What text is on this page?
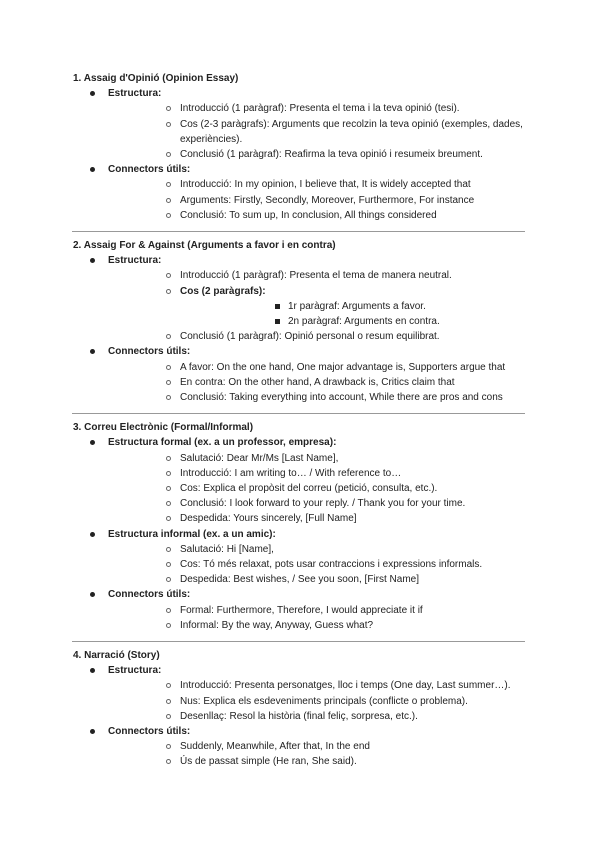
1. Assaig d'Opinió (Opinion Essay)
Estructura:
Introducció (1 paràgraf): Presenta el tema i la teva opinió (tesi).
Cos (2-3 paràgrafs): Arguments que recolzin la teva opinió (exemples, dades, experiències).
Conclusió (1 paràgraf): Reafirma la teva opinió i resumeix breument.
Connectors útils:
Introducció: In my opinion, I believe that, It is widely accepted that
Arguments: Firstly, Secondly, Moreover, Furthermore, For instance
Conclusió: To sum up, In conclusion, All things considered
2. Assaig For & Against (Arguments a favor i en contra)
Estructura:
Introducció (1 paràgraf): Presenta el tema de manera neutral.
Cos (2 paràgrafs):
1r paràgraf: Arguments a favor.
2n paràgraf: Arguments en contra.
Conclusió (1 paràgraf): Opinió personal o resum equilibrat.
Connectors útils:
A favor: On the one hand, One major advantage is, Supporters argue that
En contra: On the other hand, A drawback is, Critics claim that
Conclusió: Taking everything into account, While there are pros and cons
3. Correu Electrònic (Formal/Informal)
Estructura formal (ex. a un professor, empresa):
Salutació: Dear Mr/Ms [Last Name],
Introducció: I am writing to… / With reference to…
Cos: Explica el propòsit del correu (petició, consulta, etc.).
Conclusió: I look forward to your reply. / Thank you for your time.
Despedida: Yours sincerely, [Full Name]
Estructura informal (ex. a un amic):
Salutació: Hi [Name],
Cos: Tó més relaxat, pots usar contraccions i expressions informals.
Despedida: Best wishes, / See you soon, [First Name]
Connectors útils:
Formal: Furthermore, Therefore, I would appreciate it if
Informal: By the way, Anyway, Guess what?
4. Narració (Story)
Estructura:
Introducció: Presenta personatges, lloc i temps (One day, Last summer…).
Nus: Explica els esdeveniments principals (conflicte o problema).
Desenllaç: Resol la història (final feliç, sorpresa, etc.).
Connectors útils:
Suddenly, Meanwhile, After that, In the end
Ús de passat simple (He ran, She said).
